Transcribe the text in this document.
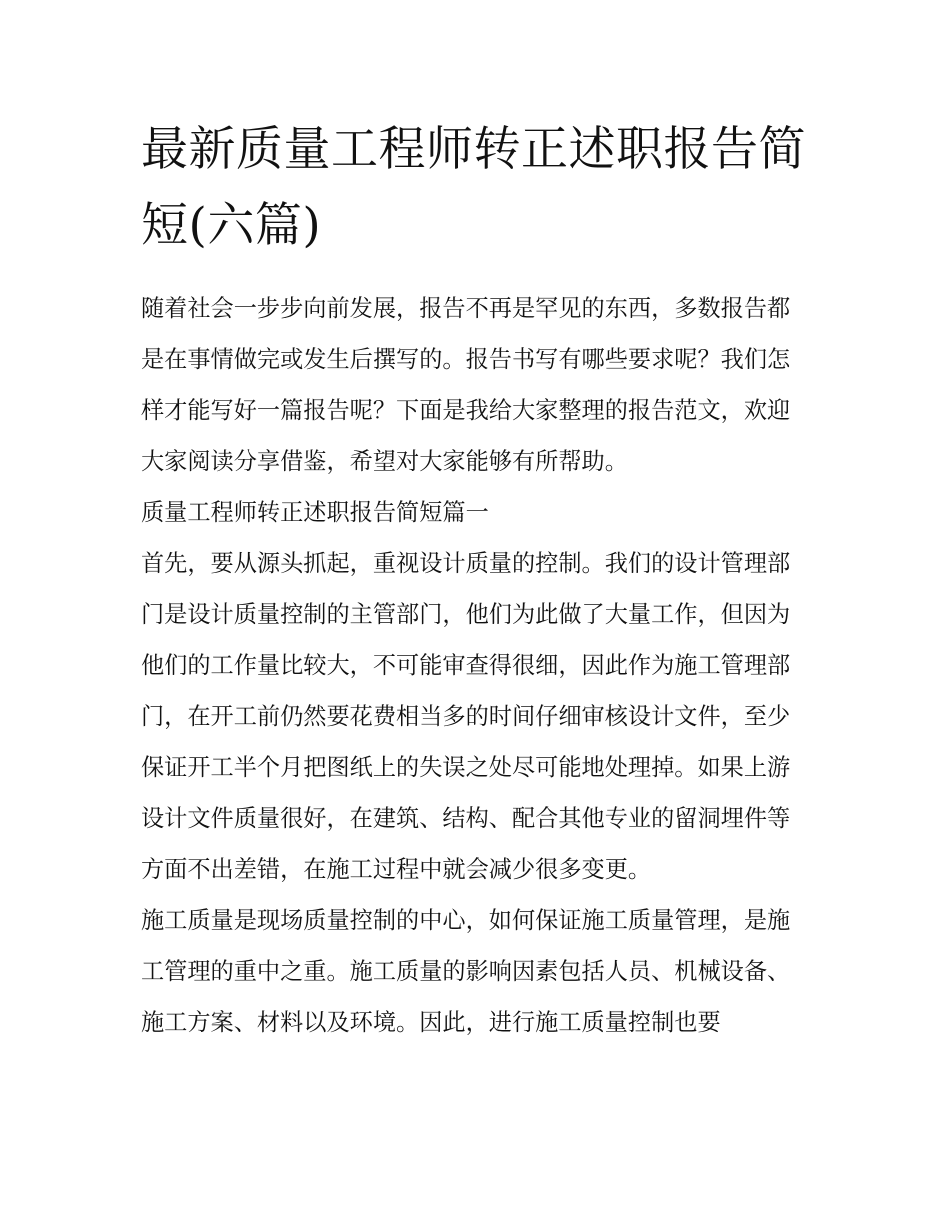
最新质量工程师转正述职报告简短(六篇)

随着社会一步步向前发展，报告不再是罕见的东西，多数报告都是在事情做完或发生后撰写的。报告书写有哪些要求呢？我们怎样才能写好一篇报告呢？下面是我给大家整理的报告范文，欢迎大家阅读分享借鉴，希望对大家能够有所帮助。

质量工程师转正述职报告简短篇一

首先，要从源头抓起，重视设计质量的控制。我们的设计管理部门是设计质量控制的主管部门，他们为此做了大量工作，但因为他们的工作量比较大，不可能审查得很细，因此作为施工管理部门，在开工前仍然要花费相当多的时间仔细审核设计文件，至少保证开工半个月把图纸上的失误之处尽可能地处理掉。如果上游设计文件质量很好，在建筑、结构、配合其他专业的留洞埋件等方面不出差错，在施工过程中就会减少很多变更。

施工质量是现场质量控制的中心，如何保证施工质量管理，是施工管理的重中之重。施工质量的影响因素包括人员、机械设备、施工方案、材料以及环境。因此，进行施工质量控制也要
